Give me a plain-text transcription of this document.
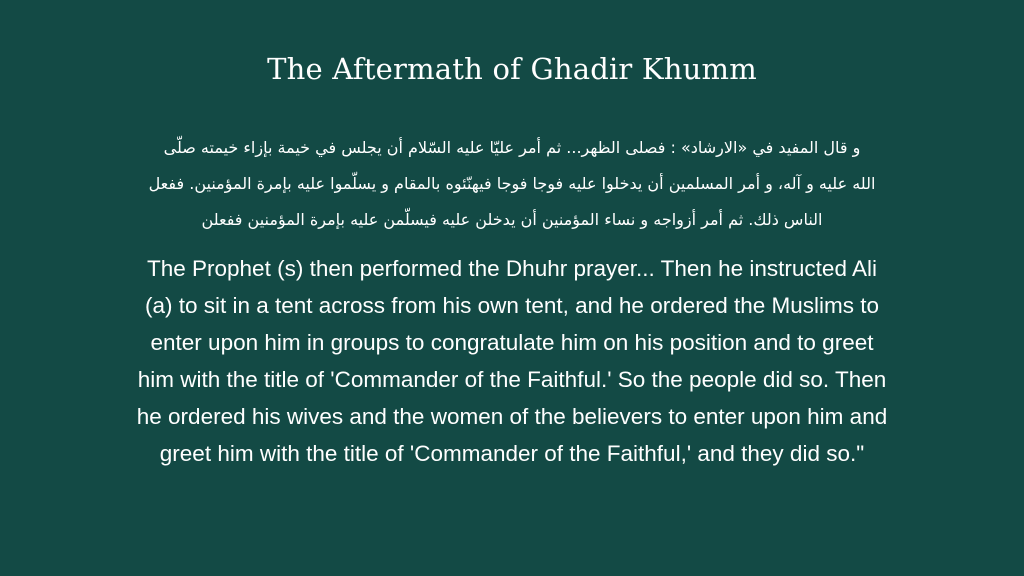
The Aftermath of Ghadir Khumm
و قال المفيد في «الارشاد» : فصلى الظهر... ثم أمر عليّا عليه السّلام أن يجلس في خيمة بإزاء خيمته صلّى
الله عليه و آله، و أمر المسلمين أن يدخلوا عليه فوجا فوجا فيهنّئوه بالمقام و يسلّموا عليه بإمرة المؤمنين. ففعل
الناس ذلك. ثم أمر أزواجه و نساء المؤمنين أن يدخلن عليه فيسلّمن عليه بإمرة المؤمنين ففعلن
The Prophet (s) then performed the Dhuhr prayer... Then he instructed Ali
(a) to sit in a tent across from his own tent, and he ordered the Muslims to
enter upon him in groups to congratulate him on his position and to greet
him with the title of 'Commander of the Faithful.' So the people did so. Then
he ordered his wives and the women of the believers to enter upon him and
greet him with the title of 'Commander of the Faithful,' and they did so."
